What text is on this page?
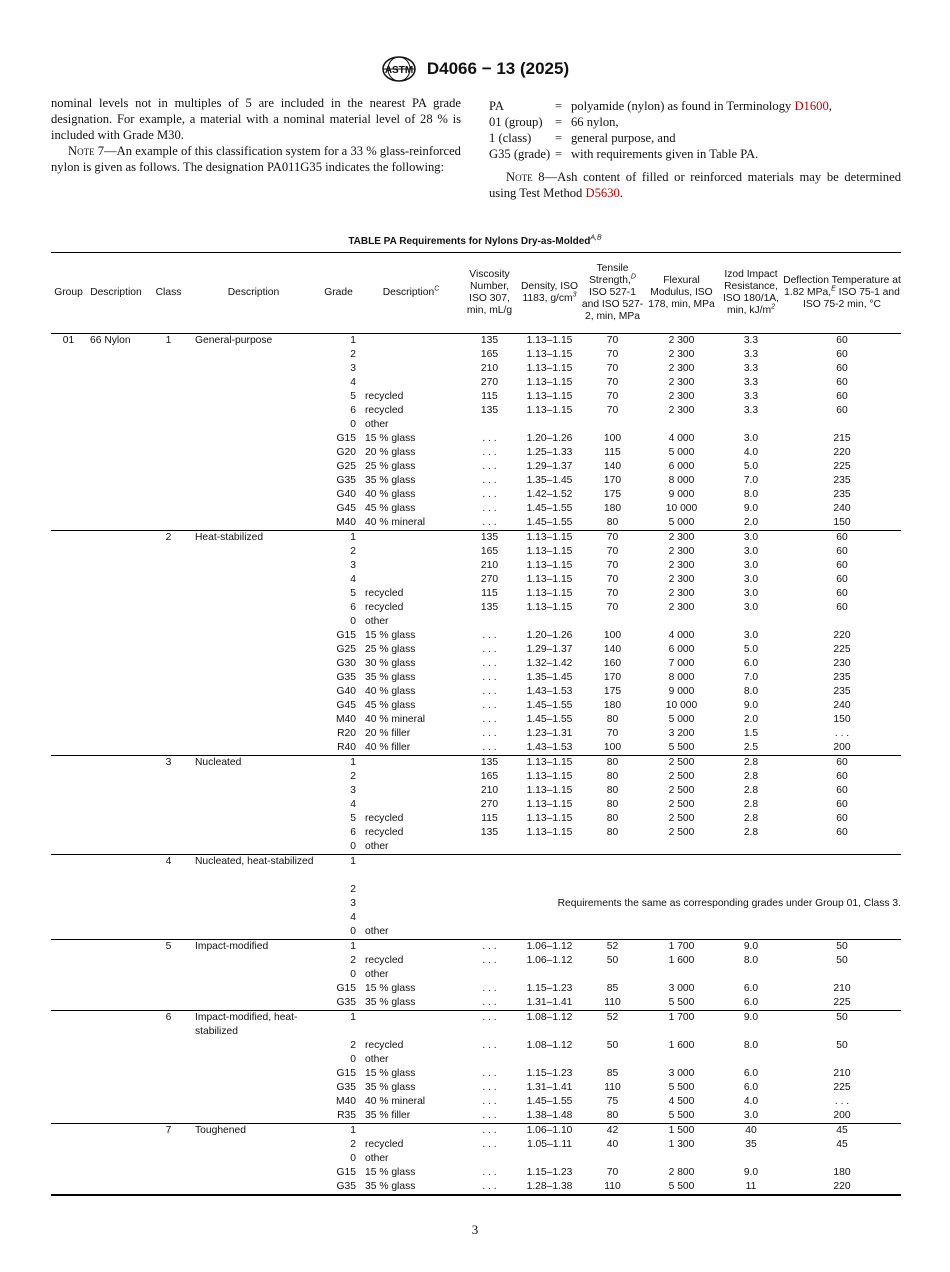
ASTM D4066 − 13 (2025)

nominal levels not in multiples of 5 are included in the nearest PA grade designation. For example, a material with a nominal material level of 28 % is included with Grade M30.

Note 7—An example of this classification system for a 33 % glass-reinforced nylon is given as follows. The designation PA011G35 indicates the following:

PA	= polyamide (nylon) as found in Terminology D1600,
01 (group) = 66 nylon,
1 (class)	= general purpose, and
G35 (grade) = with requirements given in Table PA.

Note 8—Ash content of filled or reinforced materials may be determined using Test Method D5630.

TABLE PA Requirements for Nylons Dry-as-Molded$^{A,B}$
Group	Description	Class	Description	Grade	Description$^C$	Viscosity Number, ISO 307, min, mL/g	Density, ISO 1183, $g/cm^3$	Tensile Strength,$^D$ ISO 527-1 and ISO 527-2, min, MPa	Flexural Modulus, ISO 178, min, MPa	Izod Impact Resistance, ISO 180/1A, min, $kJ/m^2$	Deflection Temperature at 1.82 MPa,$^E$ ISO 75-1 and ISO 75-2 min, °C
01	66 Nylon	1	General-purpose	1		135	1.13–1.15	70	2 300	3.3	60
				2		165	1.13–1.15	70	2 300	3.3	60
				3		210	1.13–1.15	70	2 300	3.3	60
				4		270	1.13–1.15	70	2 300	3.3	60
				5	recycled	115	1.13–1.15	70	2 300	3.3	60
				6	recycled	135	1.13–1.15	70	2 300	3.3	60
				0	other						
				G15	15 % glass	. . .	1.20–1.26	100	4 000	3.0	215
				G20	20 % glass	. . .	1.25–1.33	115	5 000	4.0	220
				G25	25 % glass	. . .	1.29–1.37	140	6 000	5.0	225
				G35	35 % glass	. . .	1.35–1.45	170	8 000	7.0	235
				G40	40 % glass	. . .	1.42–1.52	175	9 000	8.0	235
				G45	45 % glass	. . .	1.45–1.55	180	10 000	9.0	240
				M40	40 % mineral	. . .	1.45–1.55	80	5 000	2.0	150
		2	Heat-stabilized	1		135	1.13–1.15	70	2 300	3.0	60
				2		165	1.13–1.15	70	2 300	3.0	60
				3		210	1.13–1.15	70	2 300	3.0	60
				4		270	1.13–1.15	70	2 300	3.0	60
				5	recycled	115	1.13–1.15	70	2 300	3.0	60
				6	recycled	135	1.13–1.15	70	2 300	3.0	60
				0	other						
				G15	15 % glass	. . .	1.20–1.26	100	4 000	3.0	220
				G25	25 % glass	. . .	1.29–1.37	140	6 000	5.0	225
				G30	30 % glass	. . .	1.32–1.42	160	7 000	6.0	230
				G35	35 % glass	. . .	1.35–1.45	170	8 000	7.0	235
				G40	40 % glass	. . .	1.43–1.53	175	9 000	8.0	235
				G45	45 % glass	. . .	1.45–1.55	180	10 000	9.0	240
				M40	40 % mineral	. . .	1.45–1.55	80	5 000	2.0	150
				R20	20 % filler	. . .	1.23–1.31	70	3 200	1.5	. . .
				R40	40 % filler	. . .	1.43–1.53	100	5 500	2.5	200
		3	Nucleated	1		135	1.13–1.15	80	2 500	2.8	60
				2		165	1.13–1.15	80	2 500	2.8	60
				3		210	1.13–1.15	80	2 500	2.8	60
				4		270	1.13–1.15	80	2 500	2.8	60
				5	recycled	115	1.13–1.15	80	2 500	2.8	60
				6	recycled	135	1.13–1.15	80	2 500	2.8	60
				0	other						
		4	Nucleated, heat-stabilized	1							
				2							
				3		Requirements the same as corresponding grades under Group 01, Class 3.					
				4							
				0	other						
		5	Impact-modified	1		. . .	1.06–1.12	52	1 700	9.0	50
				2	recycled	. . .	1.06–1.12	50	1 600	8.0	50
				0	other						
				G15	15 % glass	. . .	1.15–1.23	85	3 000	6.0	210
				G35	35 % glass	. . .	1.31–1.41	110	5 500	6.0	225
		6	Impact-modified, heat-stabilized	1		. . .	1.08–1.12	52	1 700	9.0	50
				2	recycled	. . .	1.08–1.12	50	1 600	8.0	50
				0	other						
				G15	15 % glass	. . .	1.15–1.23	85	3 000	6.0	210
				G35	35 % glass	. . .	1.31–1.41	110	5 500	6.0	225
				M40	40 % mineral	. . .	1.45–1.55	75	4 500	4.0	. . .
				R35	35 % filler	. . .	1.38–1.48	80	5 500	3.0	200
		7	Toughened	1		. . .	1.06–1.10	42	1 500	40	45
				2	recycled	. . .	1.05–1.11	40	1 300	35	45
				0	other						
				G15	15 % glass	. . .	1.15–1.23	70	2 800	9.0	180
				G35	35 % glass	. . .	1.28–1.38	110	5 500	11	220
3
